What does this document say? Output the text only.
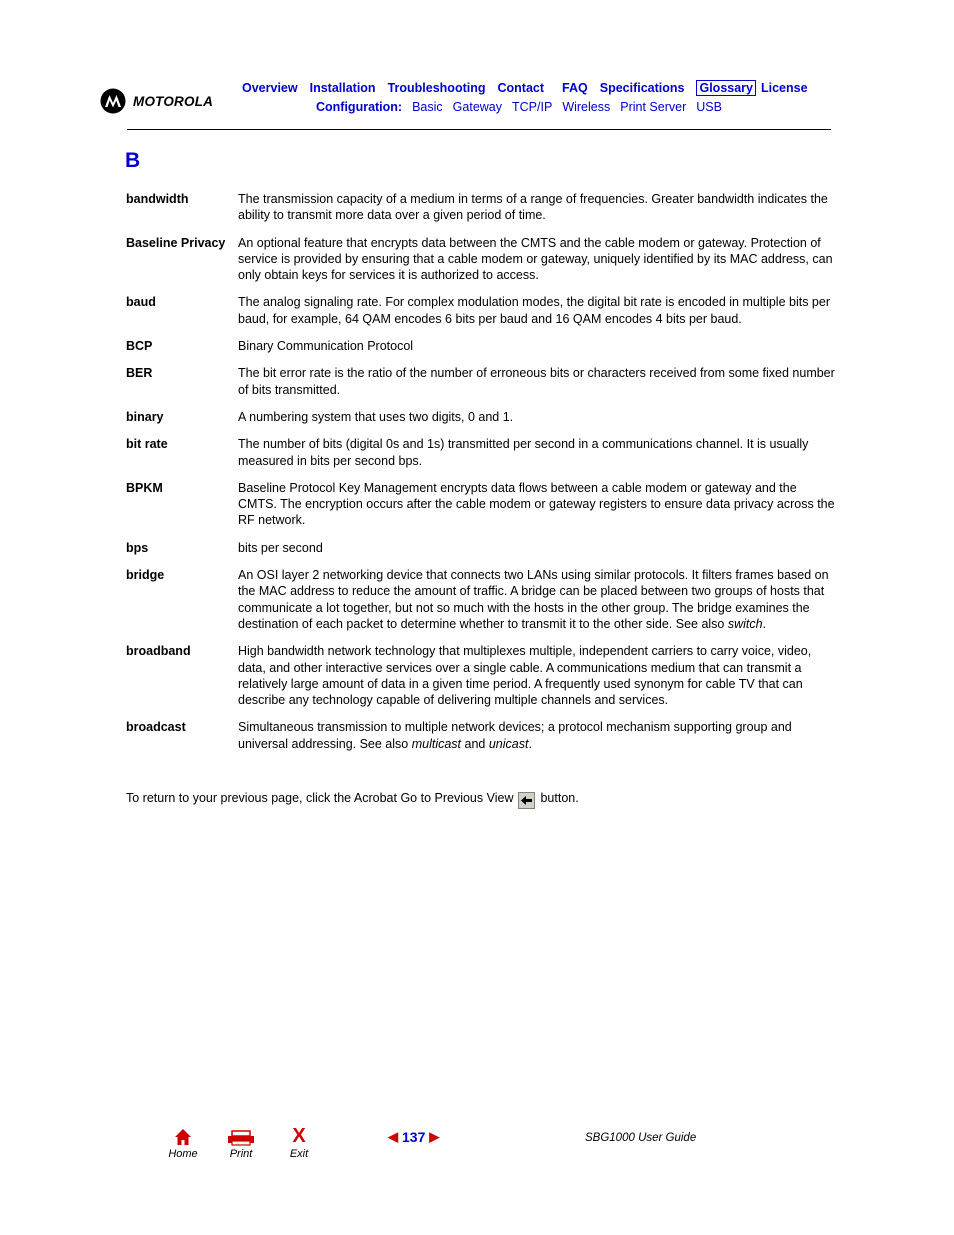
MOTOROLA
Overview Installation Troubleshooting Contact FAQ Specifications Glossary License
Configuration: Basic Gateway TCP/IP Wireless Print Server USB
B
bandwidth	The transmission capacity of a medium in terms of a range of frequencies. Greater bandwidth indicates the ability to transmit more data over a given period of time.
Baseline Privacy	An optional feature that encrypts data between the CMTS and the cable modem or gateway. Protection of service is provided by ensuring that a cable modem or gateway, uniquely identified by its MAC address, can only obtain keys for services it is authorized to access.
baud	The analog signaling rate. For complex modulation modes, the digital bit rate is encoded in multiple bits per baud, for example, 64 QAM encodes 6 bits per baud and 16 QAM encodes 4 bits per baud.
BCP	Binary Communication Protocol
BER	The bit error rate is the ratio of the number of erroneous bits or characters received from some fixed number of bits transmitted.
binary	A numbering system that uses two digits, 0 and 1.
bit rate	The number of bits (digital 0s and 1s) transmitted per second in a communications channel. It is usually measured in bits per second bps.
BPKM	Baseline Protocol Key Management encrypts data flows between a cable modem or gateway and the CMTS. The encryption occurs after the cable modem or gateway registers to ensure data privacy across the RF network.
bps	bits per second
bridge	An OSI layer 2 networking device that connects two LANs using similar protocols. It filters frames based on the MAC address to reduce the amount of traffic. A bridge can be placed between two groups of hosts that communicate a lot together, but not so much with the hosts in the other group. The bridge examines the destination of each packet to determine whether to transmit it to the other side. See also switch.
broadband	High bandwidth network technology that multiplexes multiple, independent carriers to carry voice, video, data, and other interactive services over a single cable. A communications medium that can transmit a relatively large amount of data in a given time period. A frequently used synonym for cable TV that can describe any technology capable of delivering multiple channels and services.
broadcast	Simultaneous transmission to multiple network devices; a protocol mechanism supporting group and universal addressing. See also multicast and unicast.
To return to your previous page, click the Acrobat Go to Previous View button.
Home	Print
X
Exit
◀ 137 ▶	SBG1000 User Guide
